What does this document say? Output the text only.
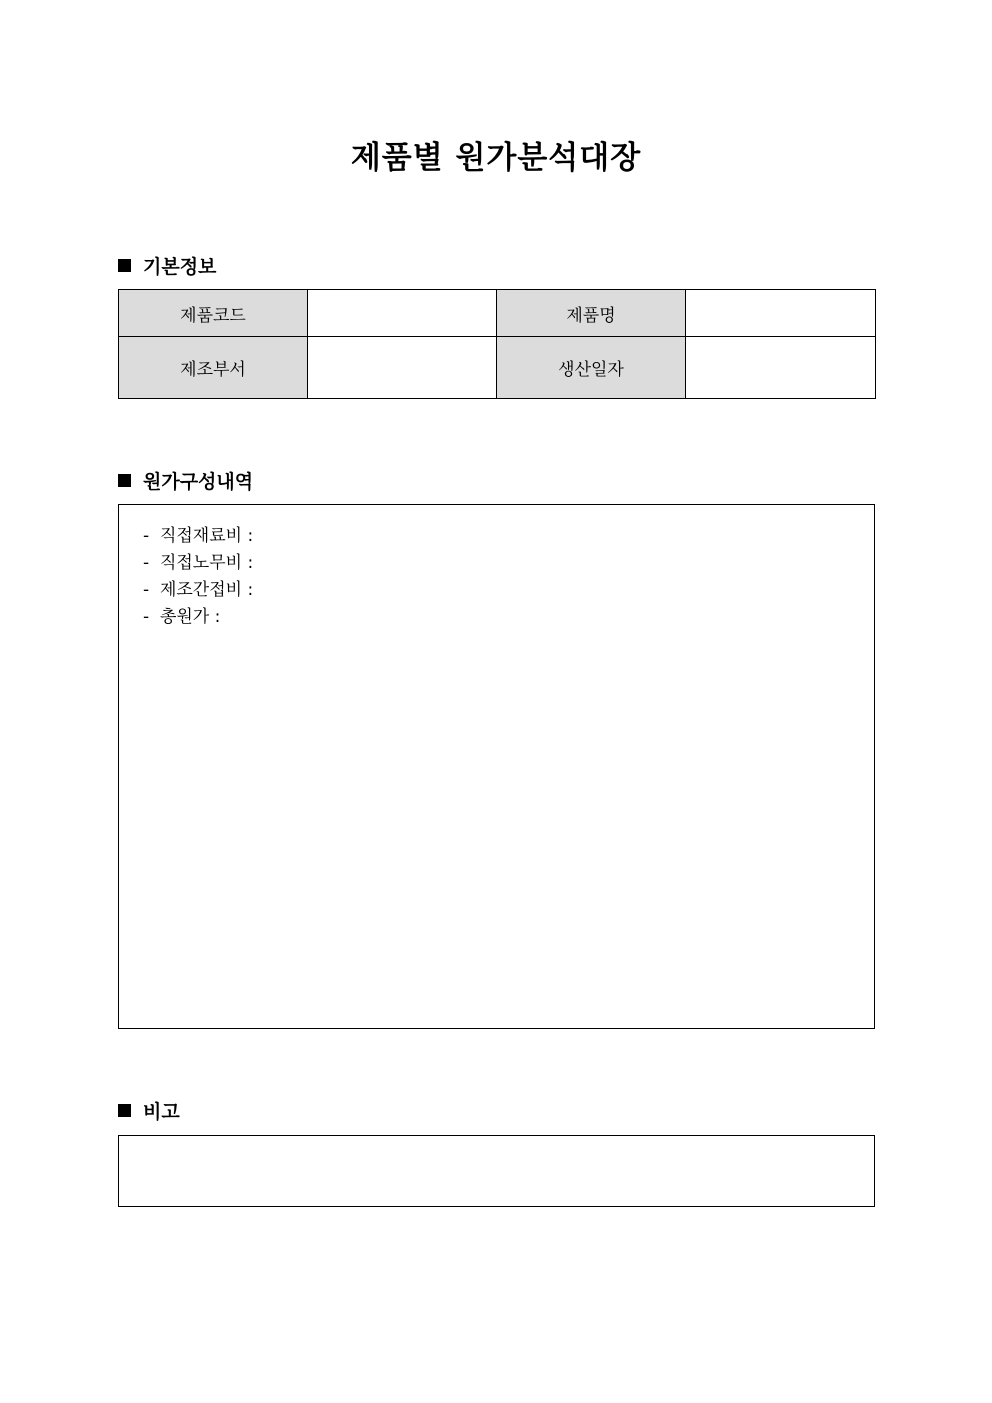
제품별 원가분석대장
기본정보
제품코드		제품명	
제조부서		생산일자	
원가구성내역
-  직접재료비 :
-  직접노무비 :
-  제조간접비 :
-  총원가 :
비고
